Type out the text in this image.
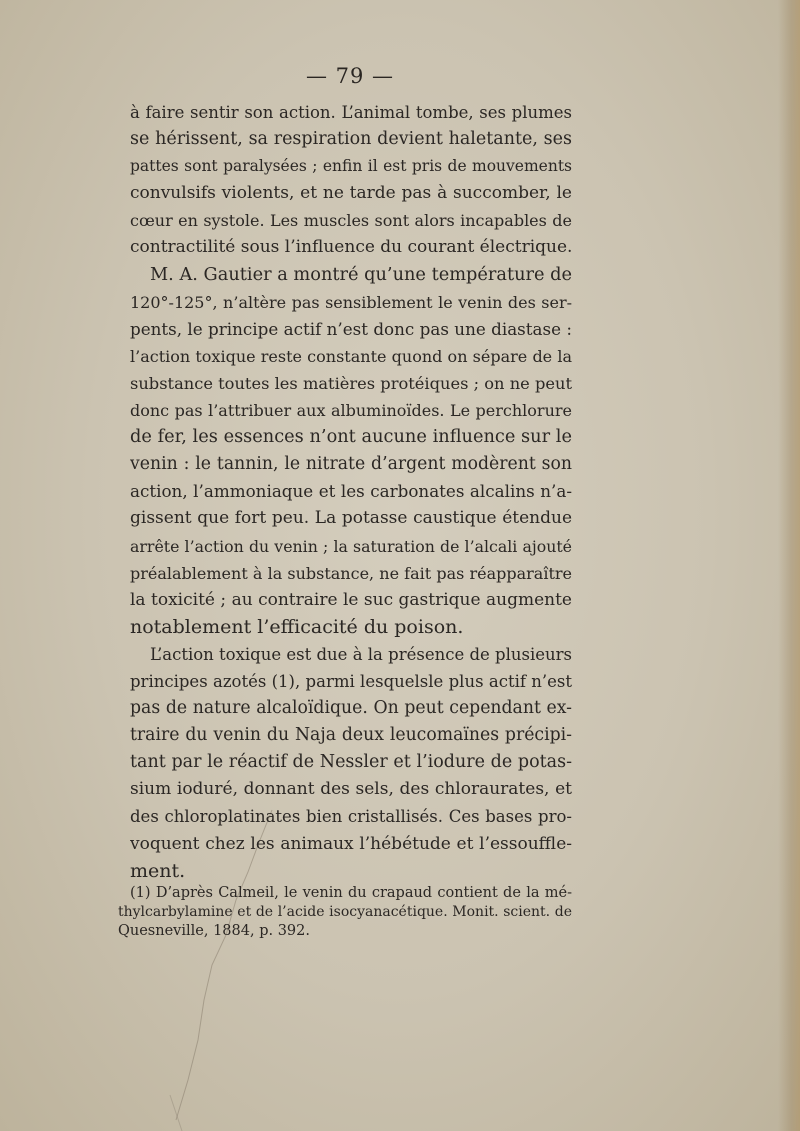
— 79 —
à faire sentir son action. L’animal tombe, ses plumes
se hérissent, sa respiration devient haletante, ses
pattes sont paralysées ; enfin il est pris de mouvements
convulsifs violents, et ne tarde pas à succomber, le
cœur en systole. Les muscles sont alors incapables de
contractilité sous l’influence du courant électrique.
M. A. Gautier a montré qu’une température de
120°-125°, n’altère pas sensiblement le venin des ser-
pents, le principe actif n’est donc pas une diastase :
l’action toxique reste constante quond on sépare de la
substance toutes les matières protéiques ; on ne peut
donc pas l’attribuer aux albuminoïdes. Le perchlorure
de fer, les essences n’ont aucune influence sur le
venin : le tannin, le nitrate d’argent modèrent son
action, l’ammoniaque et les carbonates alcalins n’a-
gissent que fort peu. La potasse caustique étendue
arrête l’action du venin ; la saturation de l’alcali ajouté
préalablement à la substance, ne fait pas réapparaître
la toxicité ; au contraire le suc gastrique augmente
notablement l’efficacité du poison.
L’action toxique est due à la présence de plusieurs
principes azotés (1), parmi lesquelsle plus actif n’est
pas de nature alcaloïdique. On peut cependant ex-
traire du venin du Naja deux leucomaïnes précipi-
tant par le réactif de Nessler et l’iodure de potas-
sium ioduré, donnant des sels, des chloraurates, et
des chloroplatinates bien cristallisés. Ces bases pro-
voquent chez les animaux l’hébétude et l’essouffle-
ment.
(1) D’après Calmeil, le venin du crapaud contient de la mé-
thylcarbylamine et de l’acide isocyanacétique. Monit. scient. de
Quesneville, 1884, p. 392.
